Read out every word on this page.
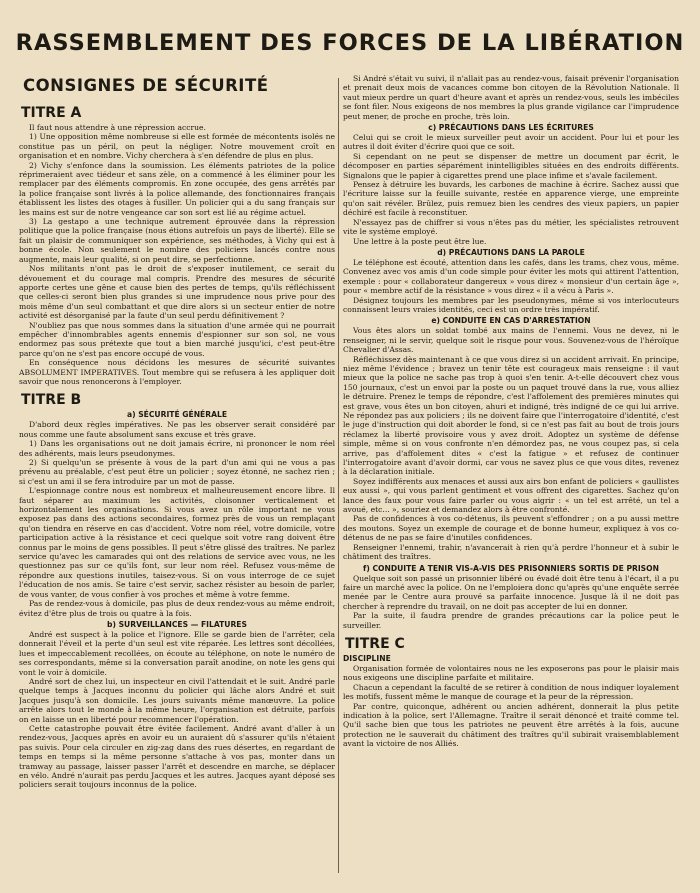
RASSEMBLEMENT DES FORCES DE LA LIBÉRATION
CONSIGNES DE SÉCURITÉ
TITRE A

Il faut nous attendre à une répression accrue.

1) Une opposition même nombreuse si elle est formée de mécontents isolés ne constitue pas un péril, on peut la négliger. Notre mouvement croît en organisation et en nombre. Vichy cherchera à s'en défendre de plus en plus.

2) Vichy s'enfonce dans la soumission. Les éléments patriotes de la police réprimeraient avec tiédeur et sans zèle, on a commencé à les éliminer pour les remplacer par des éléments compromis. En zone occupée, des gens arrêtés par la police française sont livrés à la police allemande, des fonctionnaires français établissent les listes des otages à fusiller. Un policier qui a du sang français sur les mains est sur de notre vengeance car son sort est lié au régime actuel.

3) La gestapo a une technique autrement éprouvée dans la répression politique que la police française (nous étions autrefois un pays de liberté). Elle se fait un plaisir de communiquer son expérience, ses méthodes, à Vichy qui est à bonne école. Non seulement le nombre des policiers lancés contre nous augmente, mais leur qualité, si on peut dire, se perfectionne.

Nos militants n'ont pas le droit de s'exposer inutilement, ce serait du dévouement et du courage mal compris. Prendre des mesures de sécurité apporte certes une gêne et cause bien des pertes de temps, qu'ils réfléchissent que celles-ci seront bien plus grandes si une imprudence nous prive pour des mois même d'un seul combattant et que dire alors si un secteur entier de notre activité est désorganisé par la faute d'un seul perdu définitivement ?

N'oubliez pas que nous sommes dans la situation d'une armée qui ne pourrait empêcher d'innombrables agents ennemis d'espionner sur son sol, ne vous endormez pas sous prétexte que tout a bien marché jusqu'ici, c'est peut-être parce qu'on ne s'est pas encore occupé de vous.

En conséquence nous décidons les mesures de sécurité suivantes ABSOLUMENT IMPERATIVES. Tout membre qui se refusera à les appliquer doit savoir que nous renoncerons à l'employer.

TITRE B
a) SÉCURITÉ GÉNÉRALE

D'abord deux règles impératives. Ne pas les observer serait considéré par nous comme une faute absolument sans excuse et très grave.

1) Dans les organisations out ne doit jamais écrire, ni prononcer le nom réel des adhérents, mais leurs pseudonymes.

2) Si quelqu'un se présente à vous de la part d'un ami qui ne vous a pas prévenu au préalable, c'est peut être un policier ; soyez étonné, ne sachez rien ; si c'est un ami il se fera introduire par un mot de passe.

L'espionnage contre nous est nombreux et malheureusement encore libre. Il faut séparer au maximum les activités, cloisonner verticalement et horizontalement les organisations. Si vous avez un rôle important ne vous exposez pas dans des actions secondaires, formez près de vous un remplaçant qu'on tiendra en réserve en cas d'accident. Votre nom réel, votre domicile, votre participation active à la résistance et ceci quelque soit votre rang doivent être connus par le moins de gens possibles. Il peut s'être glissé des traîtres. Ne parlez service qu'avec les camarades qui ont des relations de service avec vous, ne les questionnez pas sur ce qu'ils font, sur leur nom réel. Refusez vous-même de répondre aux questions inutiles, taisez-vous. Si on vous interroge de ce sujet l'éducation de nos amis. Se taire c'est servir, sachez résister au besoin de parler, de vous vanter, de vous confier à vos proches et même à votre femme.

Pas de rendez-vous à domicile, pas plus de deux rendez-vous au même endroit, évitez d'être plus de trois ou quatre à la fois.

b) SURVEILLANCES — FILATURES

André est suspect à la police et l'ignore. Elle se garde bien de l'arrêter, cela donnerait l'éveil et la perte d'un seul est vite réparée. Les lettres sont décollées, lues et impeccablement recollées, on écoute au téléphone, on note le numéro de ses correspondants, même si la conversation paraît anodine, on note les gens qui vont le voir à domicile.

André sort de chez lui, un inspecteur en civil l'attendait et le suit. André parle quelque temps à Jacques inconnu du policier qui lâche alors André et suit Jacques jusqu'à son domicile. Les jours suivants même manœuvre. La police arrête alors tout le monde à la même heure, l'organisation est détruite, parfois on en laisse un en liberté pour recommencer l'opération.

Cette catastrophe pouvait être évitée facilement. André avant d'aller à un rendez-vous, Jacques après en avoir eu un auraient dû s'assurer qu'ils n'étaient pas suivis. Pour cela circuler en zig-zag dans des rues désertes, en regardant de temps en temps si la même personne s'attache à vos pas, monter dans un tramway au passage, laisser passer l'arrêt et descendre en marche, se déplacer en vélo. André n'aurait pas perdu Jacques et les autres. Jacques ayant déposé ses policiers serait toujours inconnus de la police.

Si André s'était vu suivi, il n'allait pas au rendez-vous, faisait prévenir l'organisation et prenait deux mois de vacances comme bon citoyen de la Révolution Nationale. Il vaut mieux perdre un quart d'heure avant et après un rendez-vous, seuls les imbéciles se font filer. Nous exigeons de nos membres la plus grande vigilance car l'imprudence peut mener, de proche en proche, très loin.

c) PRÉCAUTIONS DANS LES ÉCRITURES

Celui qui se croit le mieux surveiller peut avoir un accident. Pour lui et pour les autres il doit éviter d'écrire quoi que ce soit.

Si cependant on ne peut se dispenser de mettre un document par écrit, le décomposer en parties séparément inintelligibles situées en des endroits différents. Signalons que le papier à cigarettes prend une place infime et s'avale facilement.

Pensez à détruire les buvards, les carbones de machine à écrire. Sachez aussi que l'écriture laisse sur la feuille suivante, restée en apparence vierge, une empreinte qu'on sait révéler. Brûlez, puis remuez bien les cendres des vieux papiers, un papier déchiré est facile à reconstituer.

N'essayez pas de chiffrer si vous n'êtes pas du métier, les spécialistes retrouvent vite le système employé.

Une lettre à la poste peut être lue.

d) PRÉCAUTIONS DANS LA PAROLE

Le téléphone est écouté, attention dans les cafés, dans les trams, chez vous, même. Convenez avec vos amis d'un code simple pour éviter les mots qui attirent l'attention, exemple : pour « collaborateur dangereux » vous direz « monsieur d'un certain âge », pour « membre actif de la résistance » vous direz « il a vécu à Paris ».

Désignez toujours les membres par les pseudonymes, même si vos interlocuteurs connaissent leurs vraies identités, ceci est un ordre très impératif.

e) CONDUITE EN CAS D'ARRESTATION

Vous êtes alors un soldat tombé aux mains de l'ennemi. Vous ne devez, ni le renseigner, ni le servir, quelque soit le risque pour vous. Souvenez-vous de l'héroïque Chevalier d'Assas.

Réfléchissez dès maintenant à ce que vous direz si un accident arrivait. En principe, niez même l'évidence ; bravez un tenir tête est courageux mais renseigne : il vaut mieux que la police ne sache pas trop à quoi s'en tenir. A-t-elle découvert chez vous 150 journaux, c'est un envoi par la poste ou un paquet trouvé dans la rue, vous alliez le détruire. Prenez le temps de répondre, c'est l'affolement des premières minutes qui est grave, vous êtes un bon citoyen, ahuri et indigné, très indigné de ce qui lui arrive. Ne répondez pas aux policiers ; ils ne doivent faire que l'interrogatoire d'identité, c'est le juge d'instruction qui doit aborder le fond, si ce n'est pas fait au bout de trois jours réclamez la liberté provisoire vous y avez droit. Adoptez un système de défense simple, même si on vous confronte n'en démordez pas, ne vous coupez pas, si cela arrive, pas d'affolement dites « c'est la fatigue » et refusez de continuer l'interrogatoire avant d'avoir dormi, car vous ne savez plus ce que vous dites, revenez à la déclaration initiale.

Soyez indifférents aux menaces et aussi aux airs bon enfant de policiers « gaullistes eux aussi », qui vous parlent gentiment et vous offrent des cigarettes. Sachez qu'on lance des faux pour vous faire parler ou vous aigrir : « un tel est arrêté, un tel a avoué, etc... », souriez et demandez alors à être confronté.

Pas de confidences à vos co-détenus, ils peuvent s'effondrer ; on a pu aussi mettre des moutons. Soyez un exemple de courage et de bonne humeur, expliquez à vos co-détenus de ne pas se faire d'inutiles confidences.

Renseigner l'ennemi, trahir, n'avancerait à rien qu'à perdre l'honneur et à subir le châtiment des traîtres.

f) CONDUITE A TENIR VIS-A-VIS DES PRISONNIERS SORTIS DE PRISON

Quelque soit son passé un prisonnier libéré ou évadé doit être tenu à l'écart, il a pu faire un marché avec la police. On ne l'emploiera donc qu'après qu'une enquête serrée menée par le Centre aura prouvé sa parfaite innocence. Jusque là il ne doit pas chercher à reprendre du travail, on ne doit pas accepter de lui en donner.

Par la suite, il faudra prendre de grandes précautions car la police peut le surveiller.

TITRE C
DISCIPLINE

Organisation formée de volontaires nous ne les exposerons pas pour le plaisir mais nous exigeons une discipline parfaite et militaire.

Chacun a cependant la faculté de se retirer à condition de nous indiquer loyalement les motifs, fussent même le manque de courage et la peur de la répression.

Par contre, quiconque, adhérent ou ancien adhérent, donnerait la plus petite indication à la police, sert l'Allemagne. Traître il serait dénoncé et traité comme tel. Qu'il sache bien que tous les patriotes ne peuvent être arrêtés à la fois, aucune protection ne le sauverait du châtiment des traîtres qu'il subirait vraisemblablement avant la victoire de nos Alliés.
